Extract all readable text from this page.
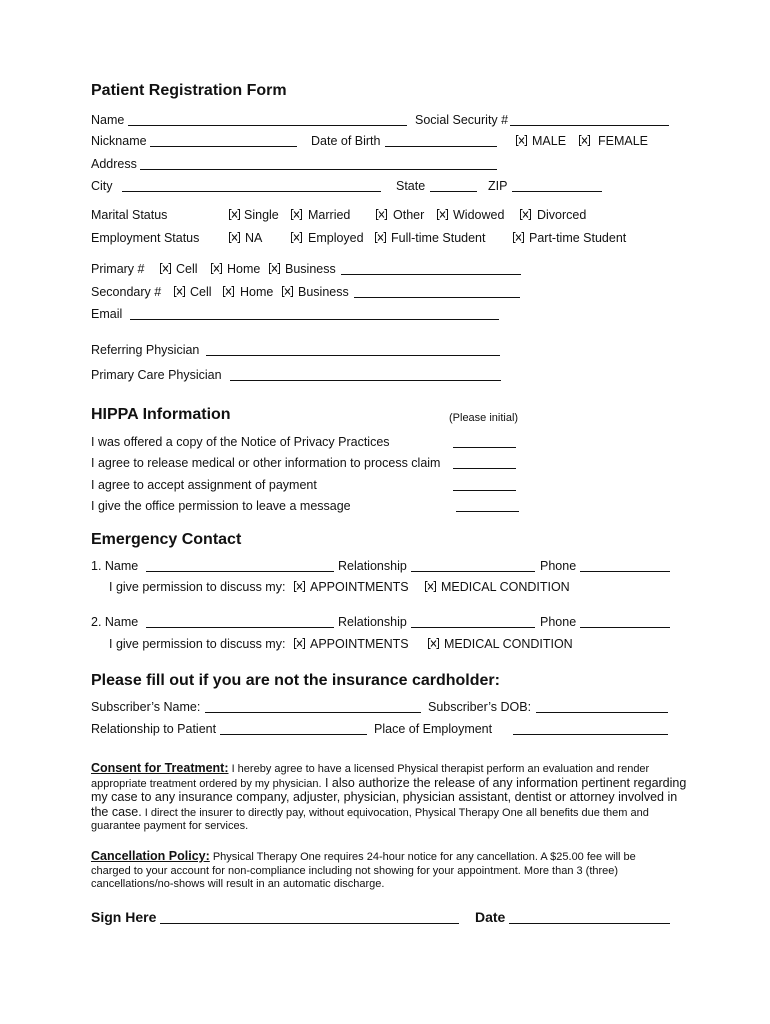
Patient Registration Form
Name	Social Security #
Nickname	Date of Birth	MALE	FEMALE
Address
City	State	ZIP
Marital Status	Single Married	Other Widowed	Divorced
Employment Status	NA	Employed Full-time Student	Part-time Student
Primary #	Cell Home Business
Secondary # Cell Home Business
Email
Referring Physician
Primary Care Physician
HIPPA Information	(Please initial)
I was offered a copy of the Notice of Privacy Practices
I agree to release medical or other information to process claim
I agree to accept assignment of payment
I give the office permission to leave a message
Emergency Contact
1. Name	Relationship	Phone
I give permission to discuss my: APPOINTMENTS	MEDICAL CONDITION
2. Name	Relationship	Phone
I give permission to discuss my: APPOINTMENTS	MEDICAL CONDITION
Please fill out if you are not the insurance cardholder:
Subscriber’s Name:	Subscriber’s DOB:
Relationship to Patient	Place of Employment
Consent for Treatment: I hereby agree to have a licensed Physical therapist perform an evaluation and render appropriate treatment ordered by my physician. I also authorize the release of any information pertinent regarding my case to any insurance company, adjuster, physician, physician assistant, dentist or attorney involved in the case. I direct the insurer to directly pay, without equivocation, Physical Therapy One all benefits due them and guarantee payment for services.
Cancellation Policy: Physical Therapy One requires 24-hour notice for any cancellation. A $25.00 fee will be charged to your account for non-compliance including not showing for your appointment. More than 3 (three) cancellations/no-shows will result in an automatic discharge.
Sign Here	Date
